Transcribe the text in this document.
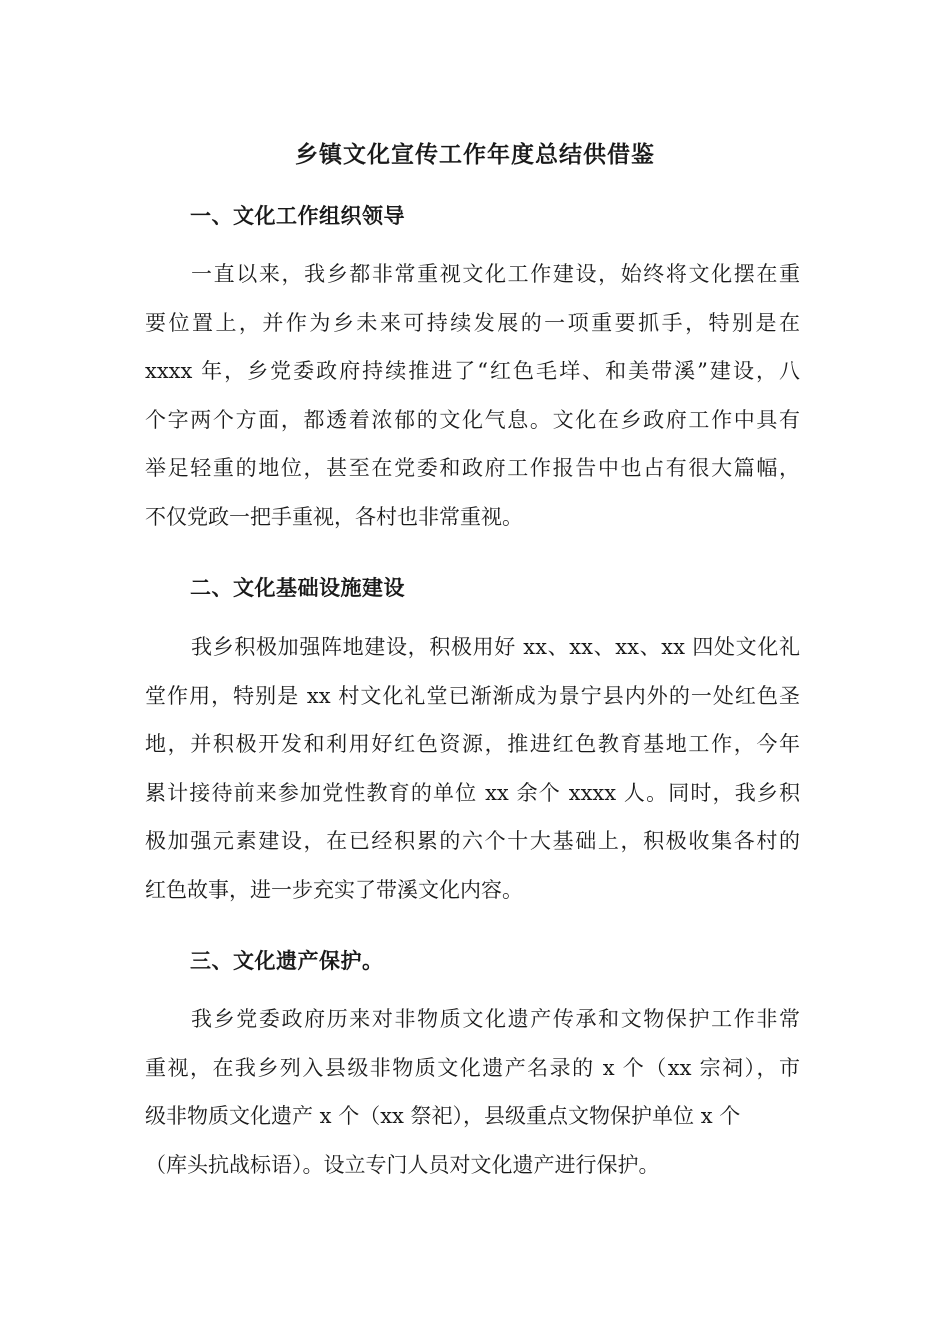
乡镇文化宣传工作年度总结供借鉴
一、文化工作组织领导
一直以来，我乡都非常重视文化工作建设，始终将文化摆在重
要位置上，并作为乡未来可持续发展的一项重要抓手，特别是在
xxxx 年，乡党委政府持续推进了“红色毛垟、和美带溪”建设，八
个字两个方面，都透着浓郁的文化气息。文化在乡政府工作中具有
举足轻重的地位，甚至在党委和政府工作报告中也占有很大篇幅，
不仅党政一把手重视，各村也非常重视。
二、文化基础设施建设
我乡积极加强阵地建设，积极用好 xx、xx、xx、xx 四处文化礼
堂作用，特别是 xx 村文化礼堂已渐渐成为景宁县内外的一处红色圣
地，并积极开发和利用好红色资源，推进红色教育基地工作，今年
累计接待前来参加党性教育的单位 xx 余个 xxxx 人。同时，我乡积
极加强元素建设，在已经积累的六个十大基础上，积极收集各村的
红色故事，进一步充实了带溪文化内容。
三、文化遗产保护。
我乡党委政府历来对非物质文化遗产传承和文物保护工作非常
重视，在我乡列入县级非物质文化遗产名录的 x 个（xx 宗祠），市
级非物质文化遗产 x 个（xx 祭祀），县级重点文物保护单位 x 个
（库头抗战标语）。设立专门人员对文化遗产进行保护。
